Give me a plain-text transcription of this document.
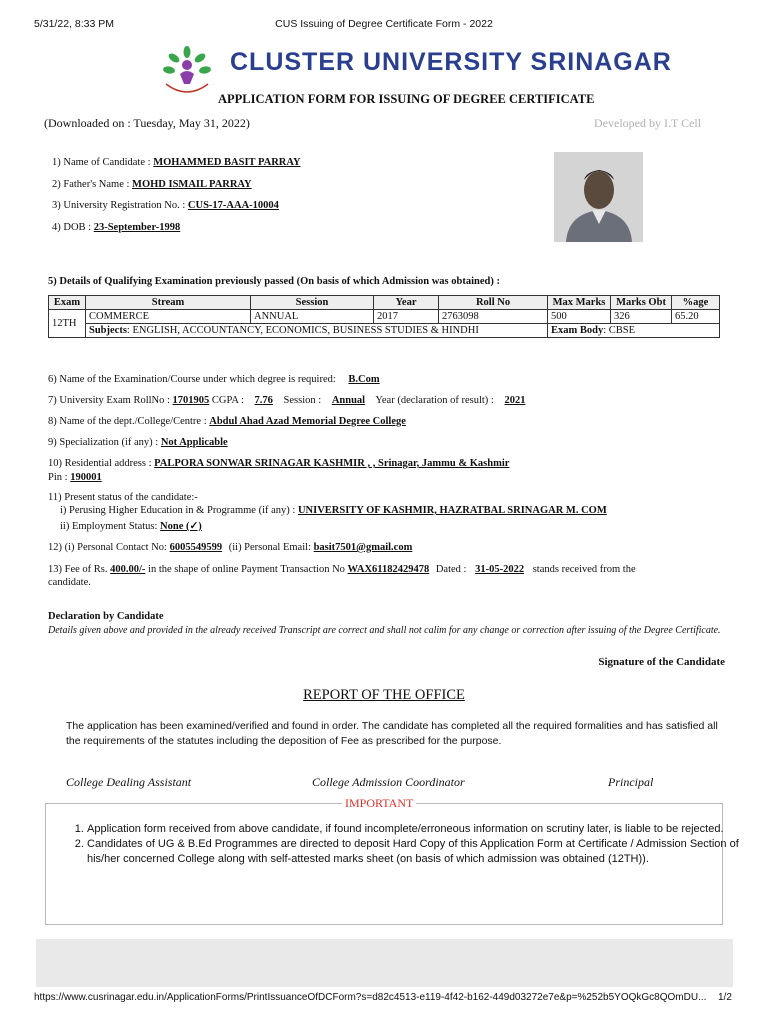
5/31/22, 8:33 PM	CUS Issuing of Degree Certificate Form - 2022
CLUSTER UNIVERSITY SRINAGAR
APPLICATION FORM FOR ISSUING OF DEGREE CERTIFICATE
(Downloaded on : Tuesday, May 31, 2022)	Developed by I.T Cell
1) Name of Candidate : MOHAMMED BASIT PARRAY
2) Father's Name : MOHD ISMAIL PARRAY
3) University Registration No. : CUS-17-AAA-10004
4) DOB : 23-September-1998
5) Details of Qualifying Examination previously passed (On basis of which Admission was obtained) :
Exam	Stream	Session	Year	Roll No	Max Marks	Marks Obt	%age
12TH	COMMERCE	ANNUAL	2017	2763098	500	326	65.20
	Subjects: ENGLISH, ACCOUNTANCY, ECONOMICS, BUSINESS STUDIES & HINDHI				Exam Body: CBSE		
6) Name of the Examination/Course under which degree is required: B.Com
7) University Exam RollNo : 1701905 CGPA : 7.76 Session : Annual Year (declaration of result) : 2021
8) Name of the dept./College/Centre : Abdul Ahad Azad Memorial Degree College
9) Specialization (if any) : Not Applicable
10) Residential address : PALPORA SONWAR SRINAGAR KASHMIR , , Srinagar, Jammu & Kashmir
Pin : 190001
11) Present status of the candidate:-
i) Perusing Higher Education in & Programme (if any) : UNIVERSITY OF KASHMIR, HAZRATBAL SRINAGAR M. COM
ii) Employment Status: None (✓)
12) (i) Personal Contact No: 6005549599 (ii) Personal Email: basit7501@gmail.com
13) Fee of Rs. 400.00/- in the shape of online Payment Transaction No WAX61182429478 Dated : 31-05-2022 stands received from the
candidate.
Declaration by Candidate
Details given above and provided in the already received Transcript are correct and shall not calim for any change or correction after issuing of the Degree Certificate.
Signature of the Candidate
REPORT OF THE OFFICE
The application has been examined/verified and found in order. The candidate has completed all the required formalities and has satisfied all the requirements of the statutes including the deposition of Fee as prescribed for the purpose.
College Dealing Assistant	College Admission Coordinator	Principal
IMPORTANT
1. Application form received from above candidate, if found incomplete/erroneous information on scrutiny later, is liable to be rejected.
2. Candidates of UG & B.Ed Programmes are directed to deposit Hard Copy of this Application Form at Certificate / Admission Section of his/her concerned College along with self-attested marks sheet (on basis of which admission was obtained (12TH)).
https://www.cusrinagar.edu.in/ApplicationForms/PrintIssuanceOfDCForm?s=d82c4513-e119-4f42-b162-449d03272e7e&p=%252b5YOQkGc8QOmDU...	1/2
